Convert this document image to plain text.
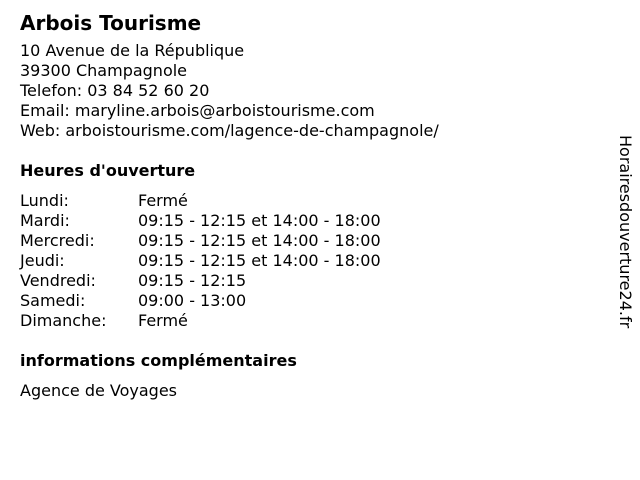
Arbois Tourisme
10 Avenue de la République
39300 Champagnole
Telefon: 03 84 52 60 20
Email: maryline.arbois@arboistourisme.com
Web: arboistourisme.com/lagence-de-champagnole/
Heures d'ouverture
Lundi:	Fermé
Mardi:	09:15 - 12:15 et 14:00 - 18:00
Mercredi:	09:15 - 12:15 et 14:00 - 18:00
Jeudi:	09:15 - 12:15 et 14:00 - 18:00
Vendredi:	09:15 - 12:15
Samedi:	09:00 - 13:00
Dimanche:	Fermé
informations complémentaires
Agence de Voyages
Horairesdouverture24.fr
